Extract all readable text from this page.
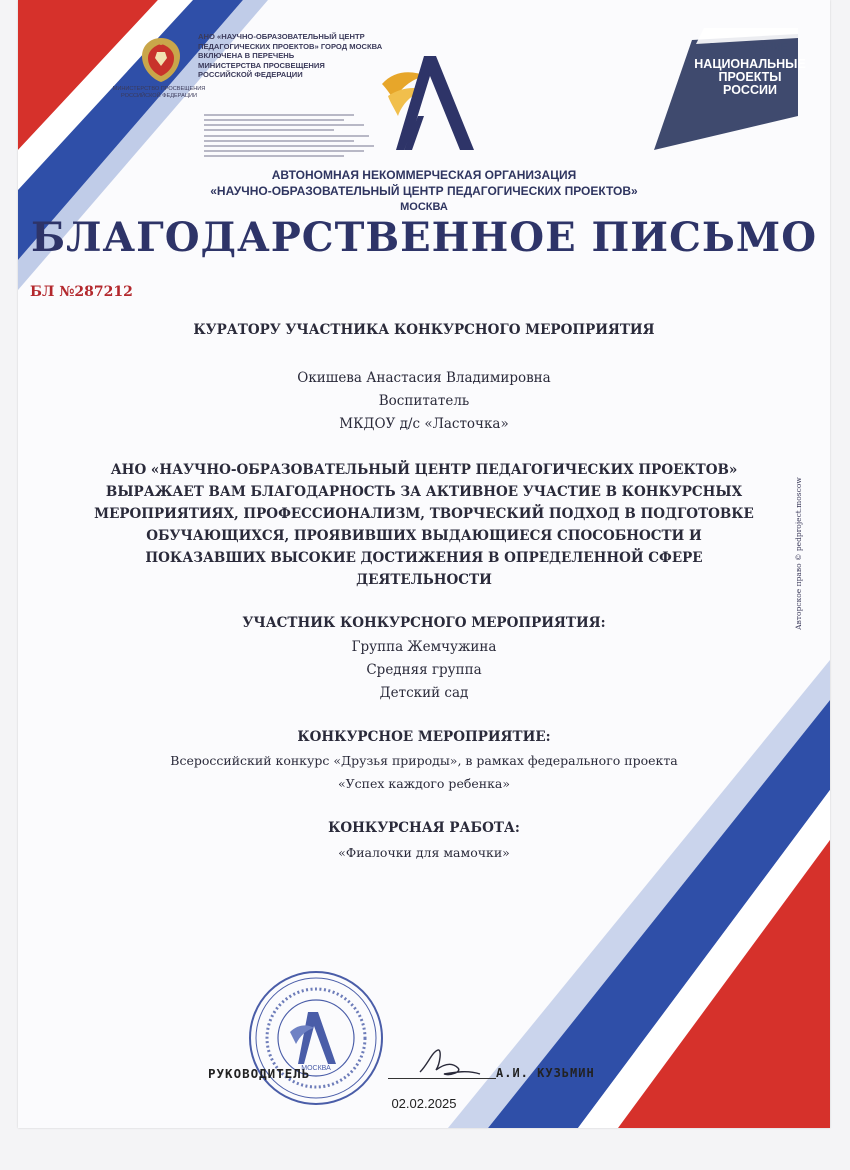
МИНИСТЕРСТВО ПРОСВЕЩЕНИЯ
РОССИЙСКОЙ ФЕДЕРАЦИИ
АНО «НАУЧНО-ОБРАЗОВАТЕЛЬНЫЙ ЦЕНТР
ПЕДАГОГИЧЕСКИХ ПРОЕКТОВ» ГОРОД МОСКВА
ВКЛЮЧЕНА В ПЕРЕЧЕНЬ
МИНИСТЕРСТВА ПРОСВЕЩЕНИЯ
РОССИЙСКОЙ ФЕДЕРАЦИИ
ОБРАЗОВАНИЕ
НАЦИОНАЛЬНЫЕ
ПРОЕКТЫ
РОССИИ
АВТОНОМНАЯ НЕКОММЕРЧЕСКАЯ ОРГАНИЗАЦИЯ
«НАУЧНО-ОБРАЗОВАТЕЛЬНЫЙ ЦЕНТР ПЕДАГОГИЧЕСКИХ ПРОЕКТОВ»
МОСКВА
БЛАГОДАРСТВЕННОЕ ПИСЬМО
БЛ №287212
КУРАТОРУ УЧАСТНИКА КОНКУРСНОГО МЕРОПРИЯТИЯ
Окишева Анастасия Владимировна
Воспитатель
МКДОУ д/с «Ласточка»
АНО «НАУЧНО-ОБРАЗОВАТЕЛЬНЫЙ ЦЕНТР ПЕДАГОГИЧЕСКИХ ПРОЕКТОВ»
ВЫРАЖАЕТ ВАМ БЛАГОДАРНОСТЬ ЗА АКТИВНОЕ УЧАСТИЕ В КОНКУРСНЫХ
МЕРОПРИЯТИЯХ, ПРОФЕССИОНАЛИЗМ, ТВОРЧЕСКИЙ ПОДХОД В ПОДГОТОВКЕ
ОБУЧАЮЩИХСЯ, ПРОЯВИВШИХ ВЫДАЮЩИЕСЯ СПОСОБНОСТИ И
ПОКАЗАВШИХ ВЫСОКИЕ ДОСТИЖЕНИЯ В ОПРЕДЕЛЕННОЙ СФЕРЕ
ДЕЯТЕЛЬНОСТИ
УЧАСТНИК КОНКУРСНОГО МЕРОПРИЯТИЯ:
Группа Жемчужина
Средняя группа
Детский сад
КОНКУРСНОЕ МЕРОПРИЯТИЕ:
Всероссийский конкурс «Друзья природы», в рамках федерального проекта
«Успех каждого ребенка»
КОНКУРСНАЯ РАБОТА:
«Фиалочки для мамочки»
Авторское право © pedproject.moscow
МОСКВА
РУКОВОДИТЕЛЬ	А.И. КУЗЬМИН
02.02.2025
